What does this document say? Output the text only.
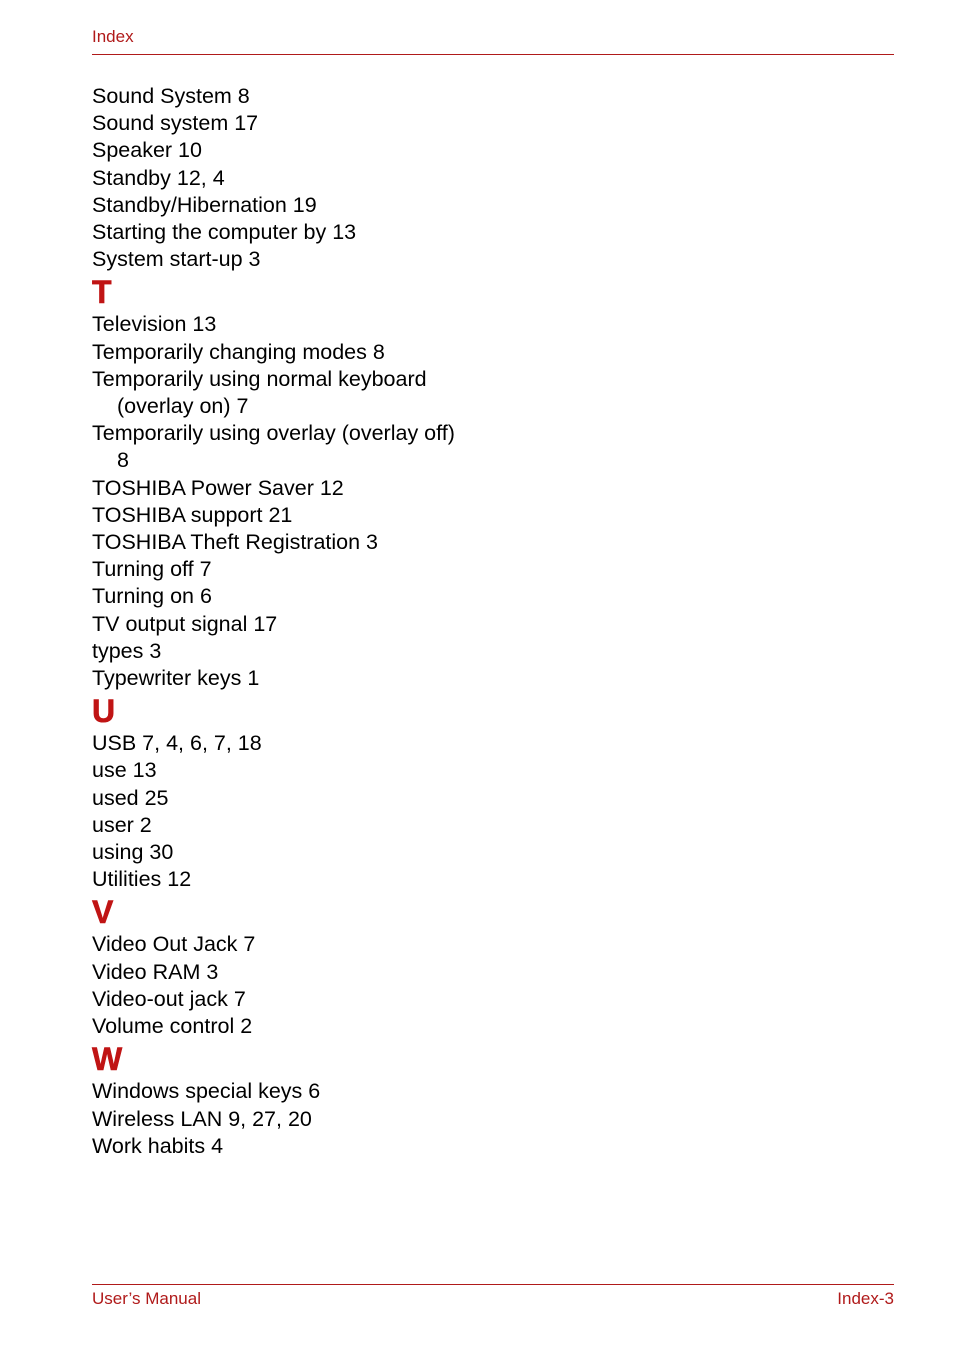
Index
Sound System 8
Sound system 17
Speaker 10
Standby 12, 4
Standby/Hibernation 19
Starting the computer by 13
System start-up 3
T
Television 13
Temporarily changing modes 8
Temporarily using normal keyboard
(overlay on) 7
Temporarily using overlay (overlay off)
8
TOSHIBA Power Saver 12
TOSHIBA support 21
TOSHIBA Theft Registration 3
Turning off 7
Turning on 6
TV output signal 17
types 3
Typewriter keys 1
U
USB 7, 4, 6, 7, 18
use 13
used 25
user 2
using 30
Utilities 12
V
Video Out Jack 7
Video RAM 3
Video-out jack 7
Volume control 2
W
Windows special keys 6
Wireless LAN 9, 27, 20
Work habits 4
User’s Manual	Index-3
